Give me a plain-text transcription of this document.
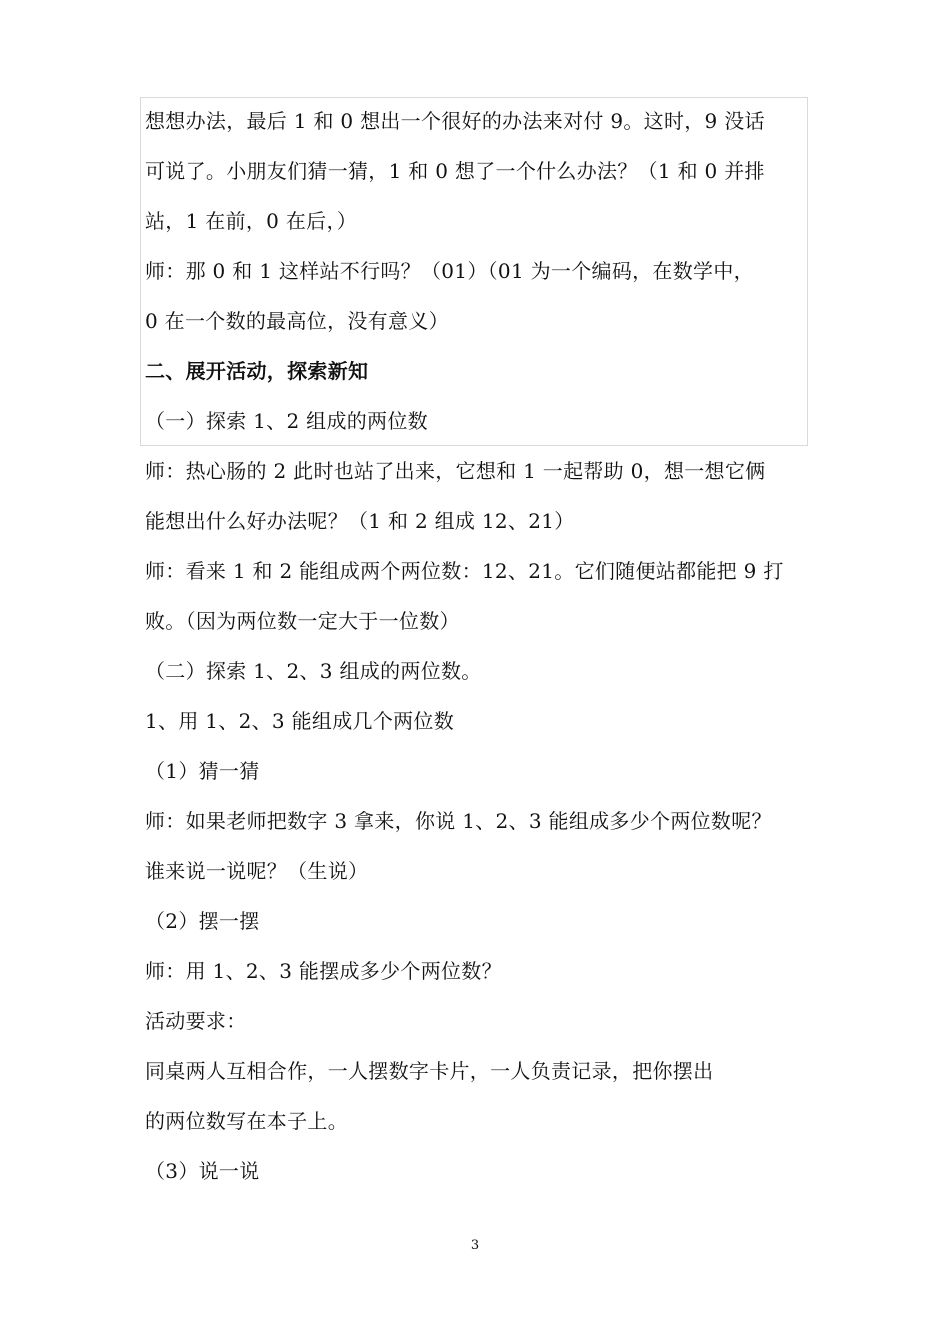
想想办法，最后 1 和 0 想出一个很好的办法来对付 9。这时，9 没话
可说了。小朋友们猜一猜，1 和 0 想了一个什么办法？（1 和 0 并排
站，1 在前，0 在后，）
师：那 0 和 1 这样站不行吗？（01）（01 为一个编码，在数学中，
0 在一个数的最高位，没有意义）
二、展开活动，探索新知
（一）探索 1、2 组成的两位数
师：热心肠的 2 此时也站了出来，它想和 1 一起帮助 0，想一想它俩
能想出什么好办法呢？（1 和 2 组成 12、21）
师：看来 1 和 2 能组成两个两位数：12、21。它们随便站都能把 9 打
败。（因为两位数一定大于一位数）
（二）探索 1、2、3 组成的两位数。
1、用 1、2、3 能组成几个两位数
（1）猜一猜
师：如果老师把数字 3 拿来，你说 1、2、3 能组成多少个两位数呢？
谁来说一说呢？（生说）
（2）摆一摆
师：用 1、2、3 能摆成多少个两位数？
活动要求：
同桌两人互相合作，一人摆数字卡片，一人负责记录，把你摆出
的两位数写在本子上。
（3）说一说
3
